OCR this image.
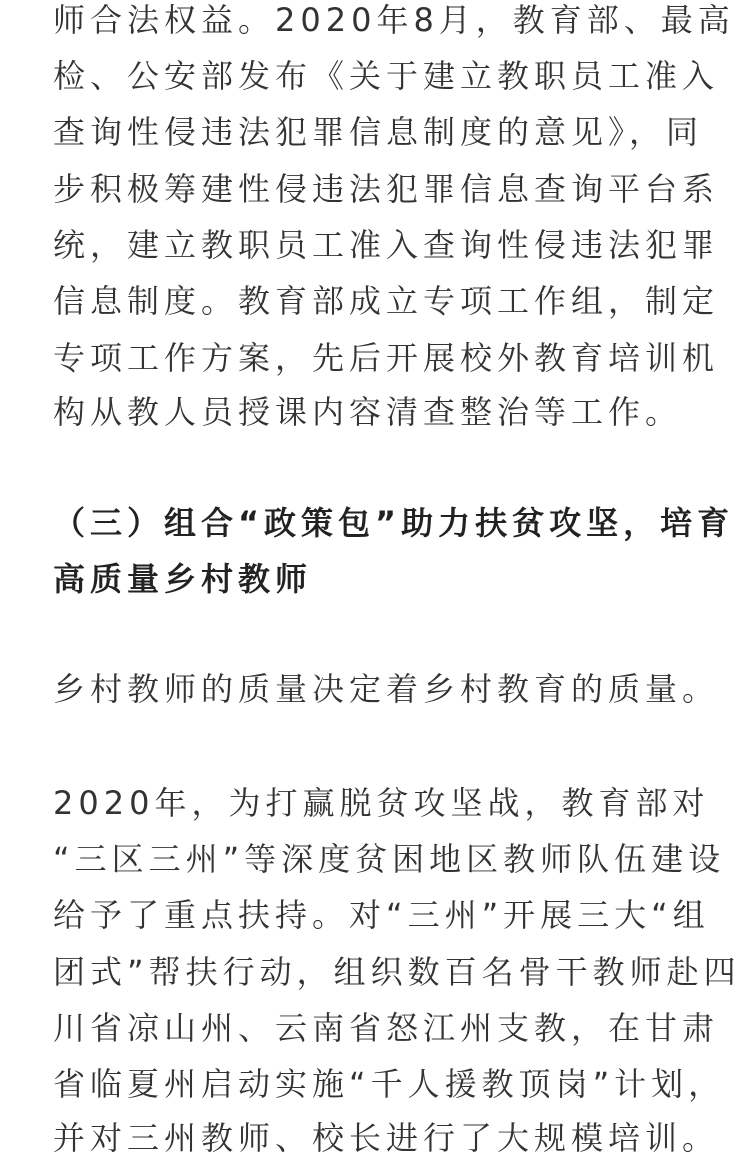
师合法权益。2020年8月，教育部、最高
检、公安部发布《关于建立教职员工准入
查询性侵违法犯罪信息制度的意见》，同
步积极筹建性侵违法犯罪信息查询平台系
统，建立教职员工准入查询性侵违法犯罪
信息制度。教育部成立专项工作组，制定
专项工作方案，先后开展校外教育培训机
构从教人员授课内容清查整治等工作。
（三）组合“政策包”助力扶贫攻坚，培育
高质量乡村教师
乡村教师的质量决定着乡村教育的质量。
2020年，为打赢脱贫攻坚战，教育部对
“三区三州”等深度贫困地区教师队伍建设
给予了重点扶持。对“三州”开展三大“组
团式”帮扶行动，组织数百名骨干教师赴四
川省凉山州、云南省怒江州支教，在甘肃
省临夏州启动实施“千人援教顶岗”计划，
并对三州教师、校长进行了大规模培训。
